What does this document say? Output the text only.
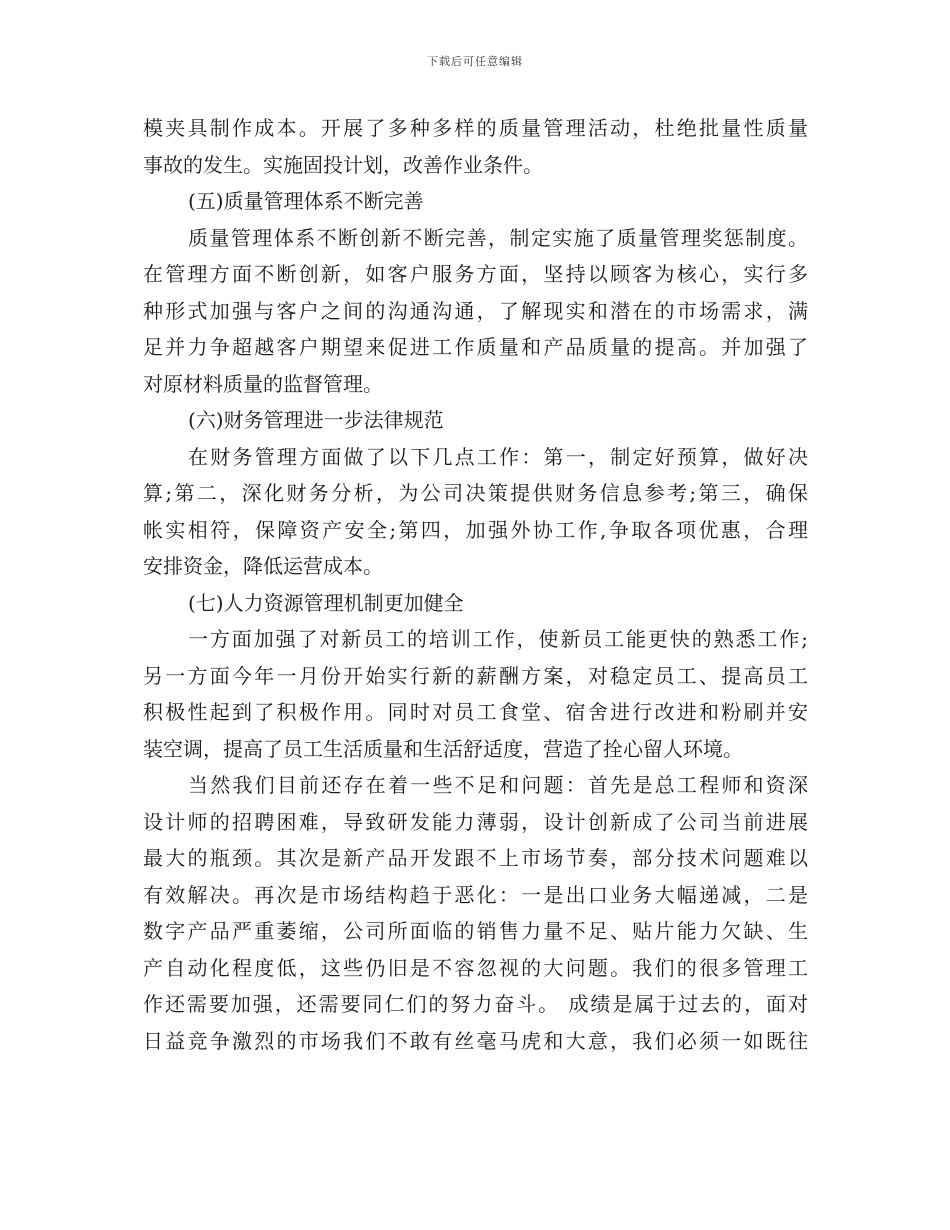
下载后可任意编辑
模夹具制作成本。开展了多种多样的质量管理活动，杜绝批量性质量
事故的发生。实施固投计划，改善作业条件。
(五)质量管理体系不断完善
质量管理体系不断创新不断完善，制定实施了质量管理奖惩制度。
在管理方面不断创新，如客户服务方面，坚持以顾客为核心，实行多
种形式加强与客户之间的沟通沟通，了解现实和潜在的市场需求，满
足并力争超越客户期望来促进工作质量和产品质量的提高。并加强了
对原材料质量的监督管理。
(六)财务管理进一步法律规范
在财务管理方面做了以下几点工作：第一，制定好预算，做好决
算;第二，深化财务分析，为公司决策提供财务信息参考;第三，确保
帐实相符，保障资产安全;第四，加强外协工作,争取各项优惠，合理
安排资金，降低运营成本。
(七)人力资源管理机制更加健全
一方面加强了对新员工的培训工作，使新员工能更快的熟悉工作;
另一方面今年一月份开始实行新的薪酬方案，对稳定员工、提高员工
积极性起到了积极作用。同时对员工食堂、宿舍进行改进和粉刷并安
装空调，提高了员工生活质量和生活舒适度，营造了拴心留人环境。
当然我们目前还存在着一些不足和问题：首先是总工程师和资深
设计师的招聘困难，导致研发能力薄弱，设计创新成了公司当前进展
最大的瓶颈。其次是新产品开发跟不上市场节奏，部分技术问题难以
有效解决。再次是市场结构趋于恶化：一是出口业务大幅递减，二是
数字产品严重萎缩，公司所面临的销售力量不足、贴片能力欠缺、生
产自动化程度低，这些仍旧是不容忽视的大问题。我们的很多管理工
作还需要加强，还需要同仁们的努力奋斗。 成绩是属于过去的，面对
日益竞争激烈的市场我们不敢有丝毫马虎和大意，我们必须一如既往
